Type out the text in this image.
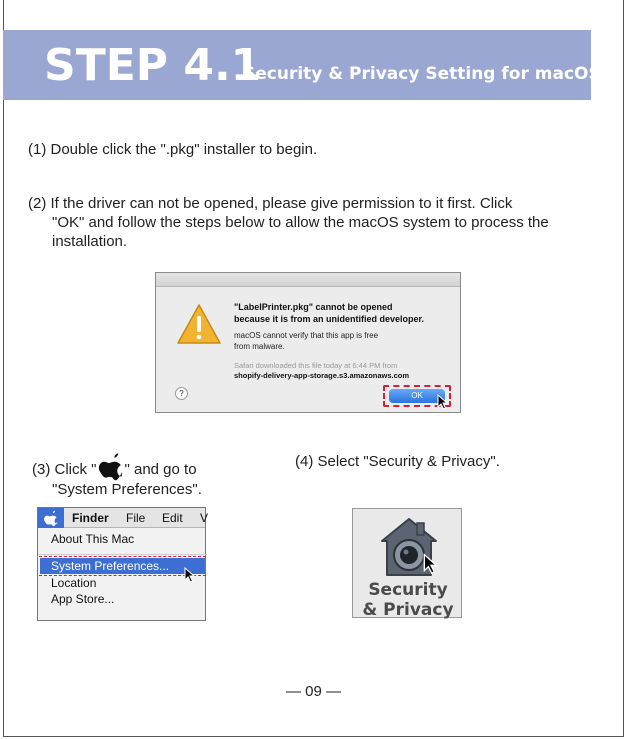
STEP 4.1
Security & Privacy Setting for macOS
(1) Double click the ".pkg" installer to begin.
(2) If the driver can not be opened, please give permission to it first. Click
"OK" and follow the steps below to allow the macOS system to process the
installation.
"LabelPrinter.pkg" cannot be opened
because it is from an unidentified developer.
macOS cannot verify that this app is free
from malware.
Safari downloaded this file today at 6:44 PM from
shopify-delivery-app-storage.s3.amazonaws.com
?	OK
(3) Click " " and go to
"System Preferences".
(4) Select "Security & Privacy".
Finder File Edit V
About This Mac
System Preferences...
Location
App Store...	Security
& Privacy
— 09 —
